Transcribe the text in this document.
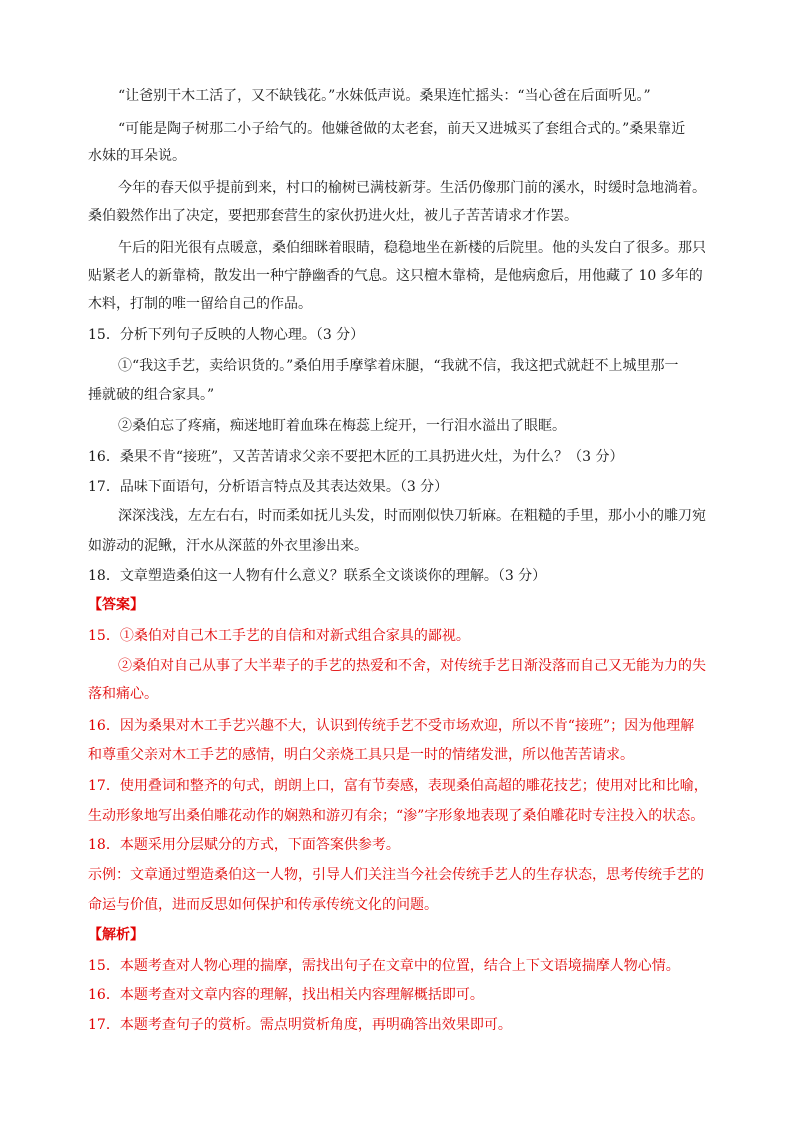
“让爸别干木工活了，又不缺钱花。”水妹低声说。桑果连忙摇头：“当心爸在后面听见。”
“可能是陶子树那二小子给气的。他嫌爸做的太老套，前天又进城买了套组合式的。”桑果靠近
水妹的耳朵说。
今年的春天似乎提前到来，村口的榆树已满枝新芽。生活仍像那门前的溪水，时缓时急地淌着。
桑伯毅然作出了决定，要把那套营生的家伙扔进火灶，被儿子苦苦请求才作罢。
午后的阳光很有点暖意，桑伯细眯着眼睛，稳稳地坐在新楼的后院里。他的头发白了很多。那只
贴紧老人的新靠椅，散发出一种宁静幽香的气息。这只檀木靠椅，是他病愈后，用他藏了 10 多年的
木料，打制的唯一留给自己的作品。
15．分析下列句子反映的人物心理。（3 分）
①“我这手艺，卖给识货的。”桑伯用手摩挲着床腿，“我就不信，我这把式就赶不上城里那一
捶就破的组合家具。”
②桑伯忘了疼痛，痴迷地盯着血珠在梅蕊上绽开，一行泪水溢出了眼眶。
16．桑果不肯“接班”，又苦苦请求父亲不要把木匠的工具扔进火灶，为什么？（3 分）
17．品味下面语句，分析语言特点及其表达效果。（3 分）
深深浅浅，左左右右，时而柔如抚儿头发，时而刚似快刀斩麻。在粗糙的手里，那小小的雕刀宛
如游动的泥鳅，汗水从深蓝的外衣里渗出来。
18．文章塑造桑伯这一人物有什么意义？联系全文谈谈你的理解。（3 分）
【答案】
15．①桑伯对自己木工手艺的自信和对新式组合家具的鄙视。
②桑伯对自己从事了大半辈子的手艺的热爱和不舍，对传统手艺日渐没落而自己又无能为力的失
落和痛心。
16．因为桑果对木工手艺兴趣不大，认识到传统手艺不受市场欢迎，所以不肯“接班”；因为他理解
和尊重父亲对木工手艺的感情，明白父亲烧工具只是一时的情绪发泄，所以他苦苦请求。
17．使用叠词和整齐的句式，朗朗上口，富有节奏感，表现桑伯高超的雕花技艺；使用对比和比喻，
生动形象地写出桑伯雕花动作的娴熟和游刃有余；“渗”字形象地表现了桑伯雕花时专注投入的状态。
18．本题采用分层赋分的方式，下面答案供参考。
示例：文章通过塑造桑伯这一人物，引导人们关注当今社会传统手艺人的生存状态，思考传统手艺的
命运与价值，进而反思如何保护和传承传统文化的问题。
【解析】
15．本题考查对人物心理的揣摩，需找出句子在文章中的位置，结合上下文语境揣摩人物心情。
16．本题考查对文章内容的理解，找出相关内容理解概括即可。
17．本题考查句子的赏析。需点明赏析角度，再明确答出效果即可。
